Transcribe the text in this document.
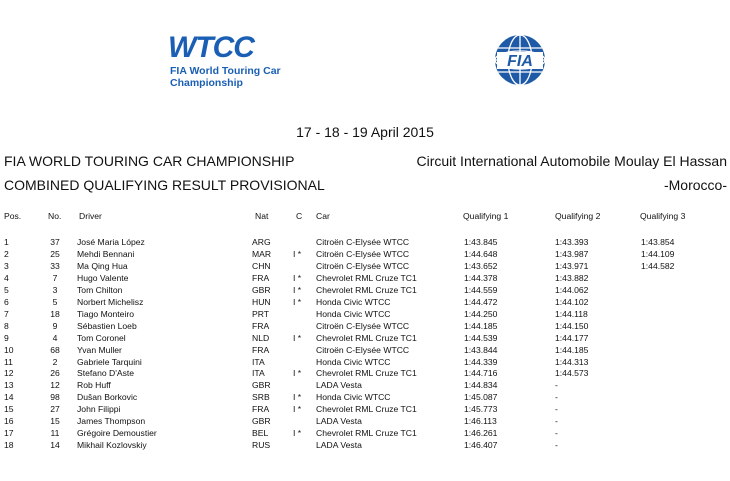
WTCC
FIA World Touring Car
Championship
FIA
17 - 18 - 19 April 2015
FIA WORLD TOURING CAR CHAMPIONSHIP	Circuit International Automobile Moulay El Hassan
COMBINED QUALIFYING RESULT PROVISIONAL	-Morocco-
Pos.	No. Driver	Nat	C Car	Qualifying 1	Qualifying 2	Qualifying 3
1	37	José Maria López	ARG	Citroën C-Elysée WTCC	1:43.845	1:43.393	1:43.854
2	25	Mehdi Bennani	MAR	I * Citroën C-Elysée WTCC	1:44.648	1:43.987	1:44.109
3	33	Ma Qing Hua	CHN	Citroën C-Elysée WTCC	1:43.652	1:43.971	1:44.582
4	7	Hugo Valente	FRA	I * Chevrolet RML Cruze TC1	1:44.378	1:43.882
5	3	Tom Chilton	GBR	I * Chevrolet RML Cruze TC1	1:44.559	1:44.062
6	5	Norbert Michelisz	HUN	I * Honda Civic WTCC	1:44.472	1:44.102
7	18	Tiago Monteiro	PRT	Honda Civic WTCC	1:44.250	1:44.118
8	9	Sébastien Loeb	FRA	Citroën C-Elysée WTCC	1:44.185	1:44.150
9	4	Tom Coronel	NLD	I * Chevrolet RML Cruze TC1	1:44.539	1:44.177
10	68	Yvan Muller	FRA	Citroën C-Elysée WTCC	1:43.844	1:44.185
11	2	Gabriele Tarquini	ITA	Honda Civic WTCC	1:44.339	1:44.313
12	26	Stefano D'Aste	ITA	I * Chevrolet RML Cruze TC1	1:44.716	1:44.573
13	12	Rob Huff	GBR	LADA Vesta	1:44.834	-
14	98	Dušan Borkovic	SRB	I * Honda Civic WTCC	1:45.087	-
15	27	John Filippi	FRA	I * Chevrolet RML Cruze TC1	1:45.773	-
16	15	James Thompson	GBR	LADA Vesta	1:46.113	-
17	11	Grégoire Demoustier	BEL	I * Chevrolet RML Cruze TC1	1:46.261	-
18	14	Mikhail Kozlovskiy	RUS	LADA Vesta	1:46.407	-
